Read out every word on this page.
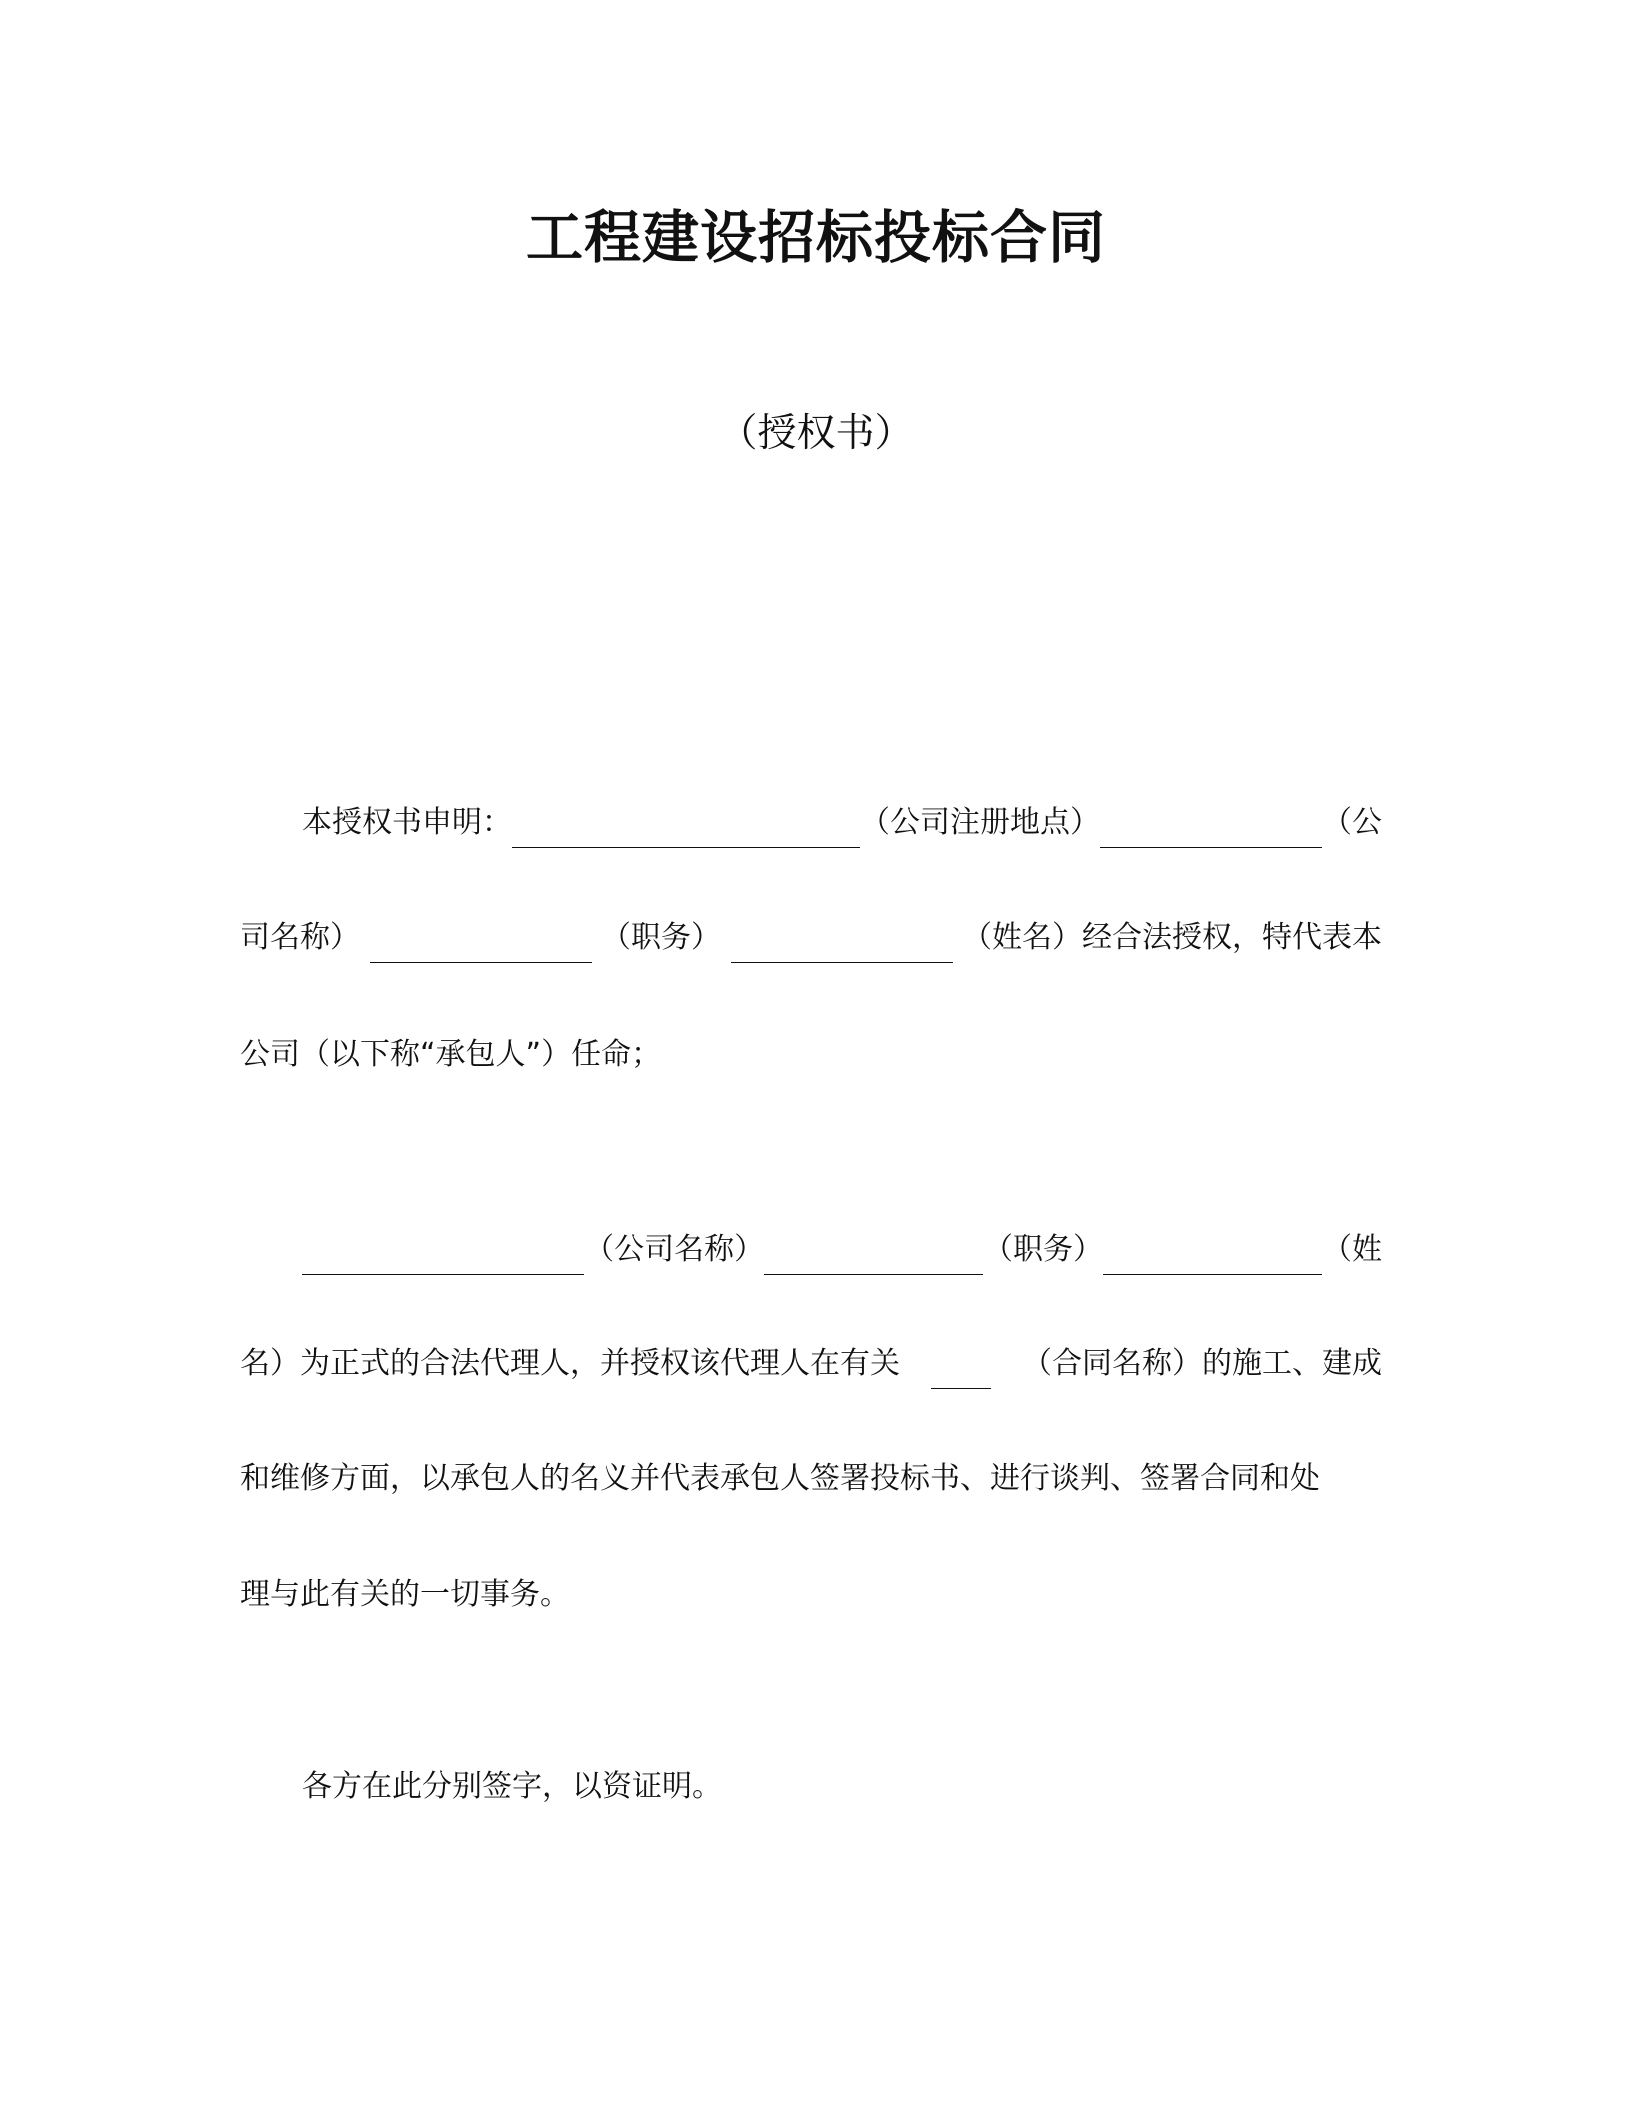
工程建设招标投标合同
（授权书）
本授权书申明：	（公司注册地点）	（公
司名称）	（职务）	（姓名）经合法授权，特代表本
公司（以下称“承包人”）任命；
（公司名称）	（职务）	（姓
名）为正式的合法代理人，并授权该代理人在有关	（合同名称）的施工、建成
和维修方面，以承包人的名义并代表承包人签署投标书、进行谈判、签署合同和处
理与此有关的一切事务。
各方在此分别签字，以资证明。
